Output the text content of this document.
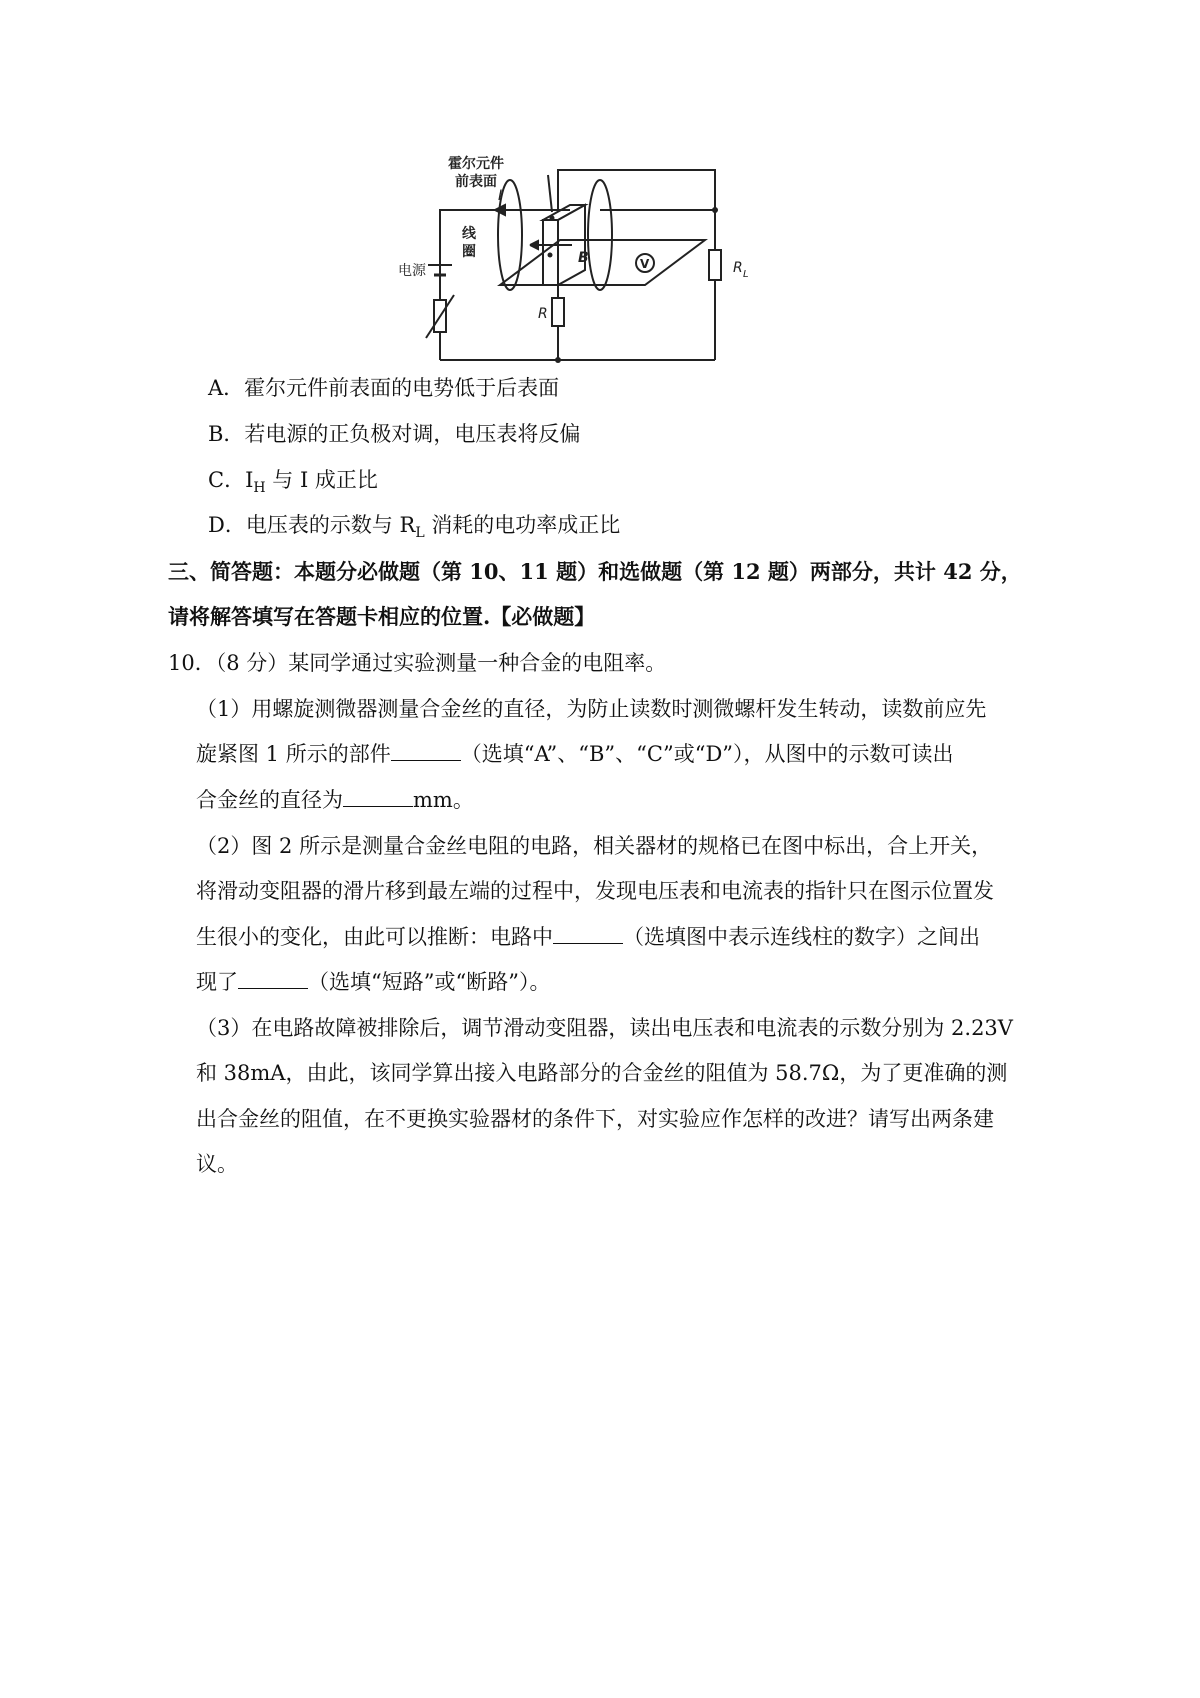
霍尔元件
前表面
I
线
圈
电源
B	V
R
R L
A．霍尔元件前表面的电势低于后表面
B．若电源的正负极对调，电压表将反偏
C．$I_H$ 与 I 成正比
D．电压表的示数与 $R_L$ 消耗的电功率成正比
三、简答题：本题分必做题（第 10、11 题）和选做题（第 12 题）两部分，共计 42 分，
请将解答填写在答题卡相应的位置.【必做题】
10．（8 分）某同学通过实验测量一种合金的电阻率。
（1）用螺旋测微器测量合金丝的直径，为防止读数时测微螺杆发生转动，读数前应先
旋紧图 1 所示的部件	（选填“A”、“B”、“C”或“D”），从图中的示数可读出
合金丝的直径为	mm。
（2）图 2 所示是测量合金丝电阻的电路，相关器材的规格已在图中标出，合上开关，
将滑动变阻器的滑片移到最左端的过程中，发现电压表和电流表的指针只在图示位置发
生很小的变化，由此可以推断：电路中	（选填图中表示连线柱的数字）之间出
现了	（选填“短路”或“断路”）。
（3）在电路故障被排除后，调节滑动变阻器，读出电压表和电流表的示数分别为 2.23V
和 38mA，由此，该同学算出接入电路部分的合金丝的阻值为 58.7Ω，为了更准确的测
出合金丝的阻值，在不更换实验器材的条件下，对实验应作怎样的改进？请写出两条建
议。
